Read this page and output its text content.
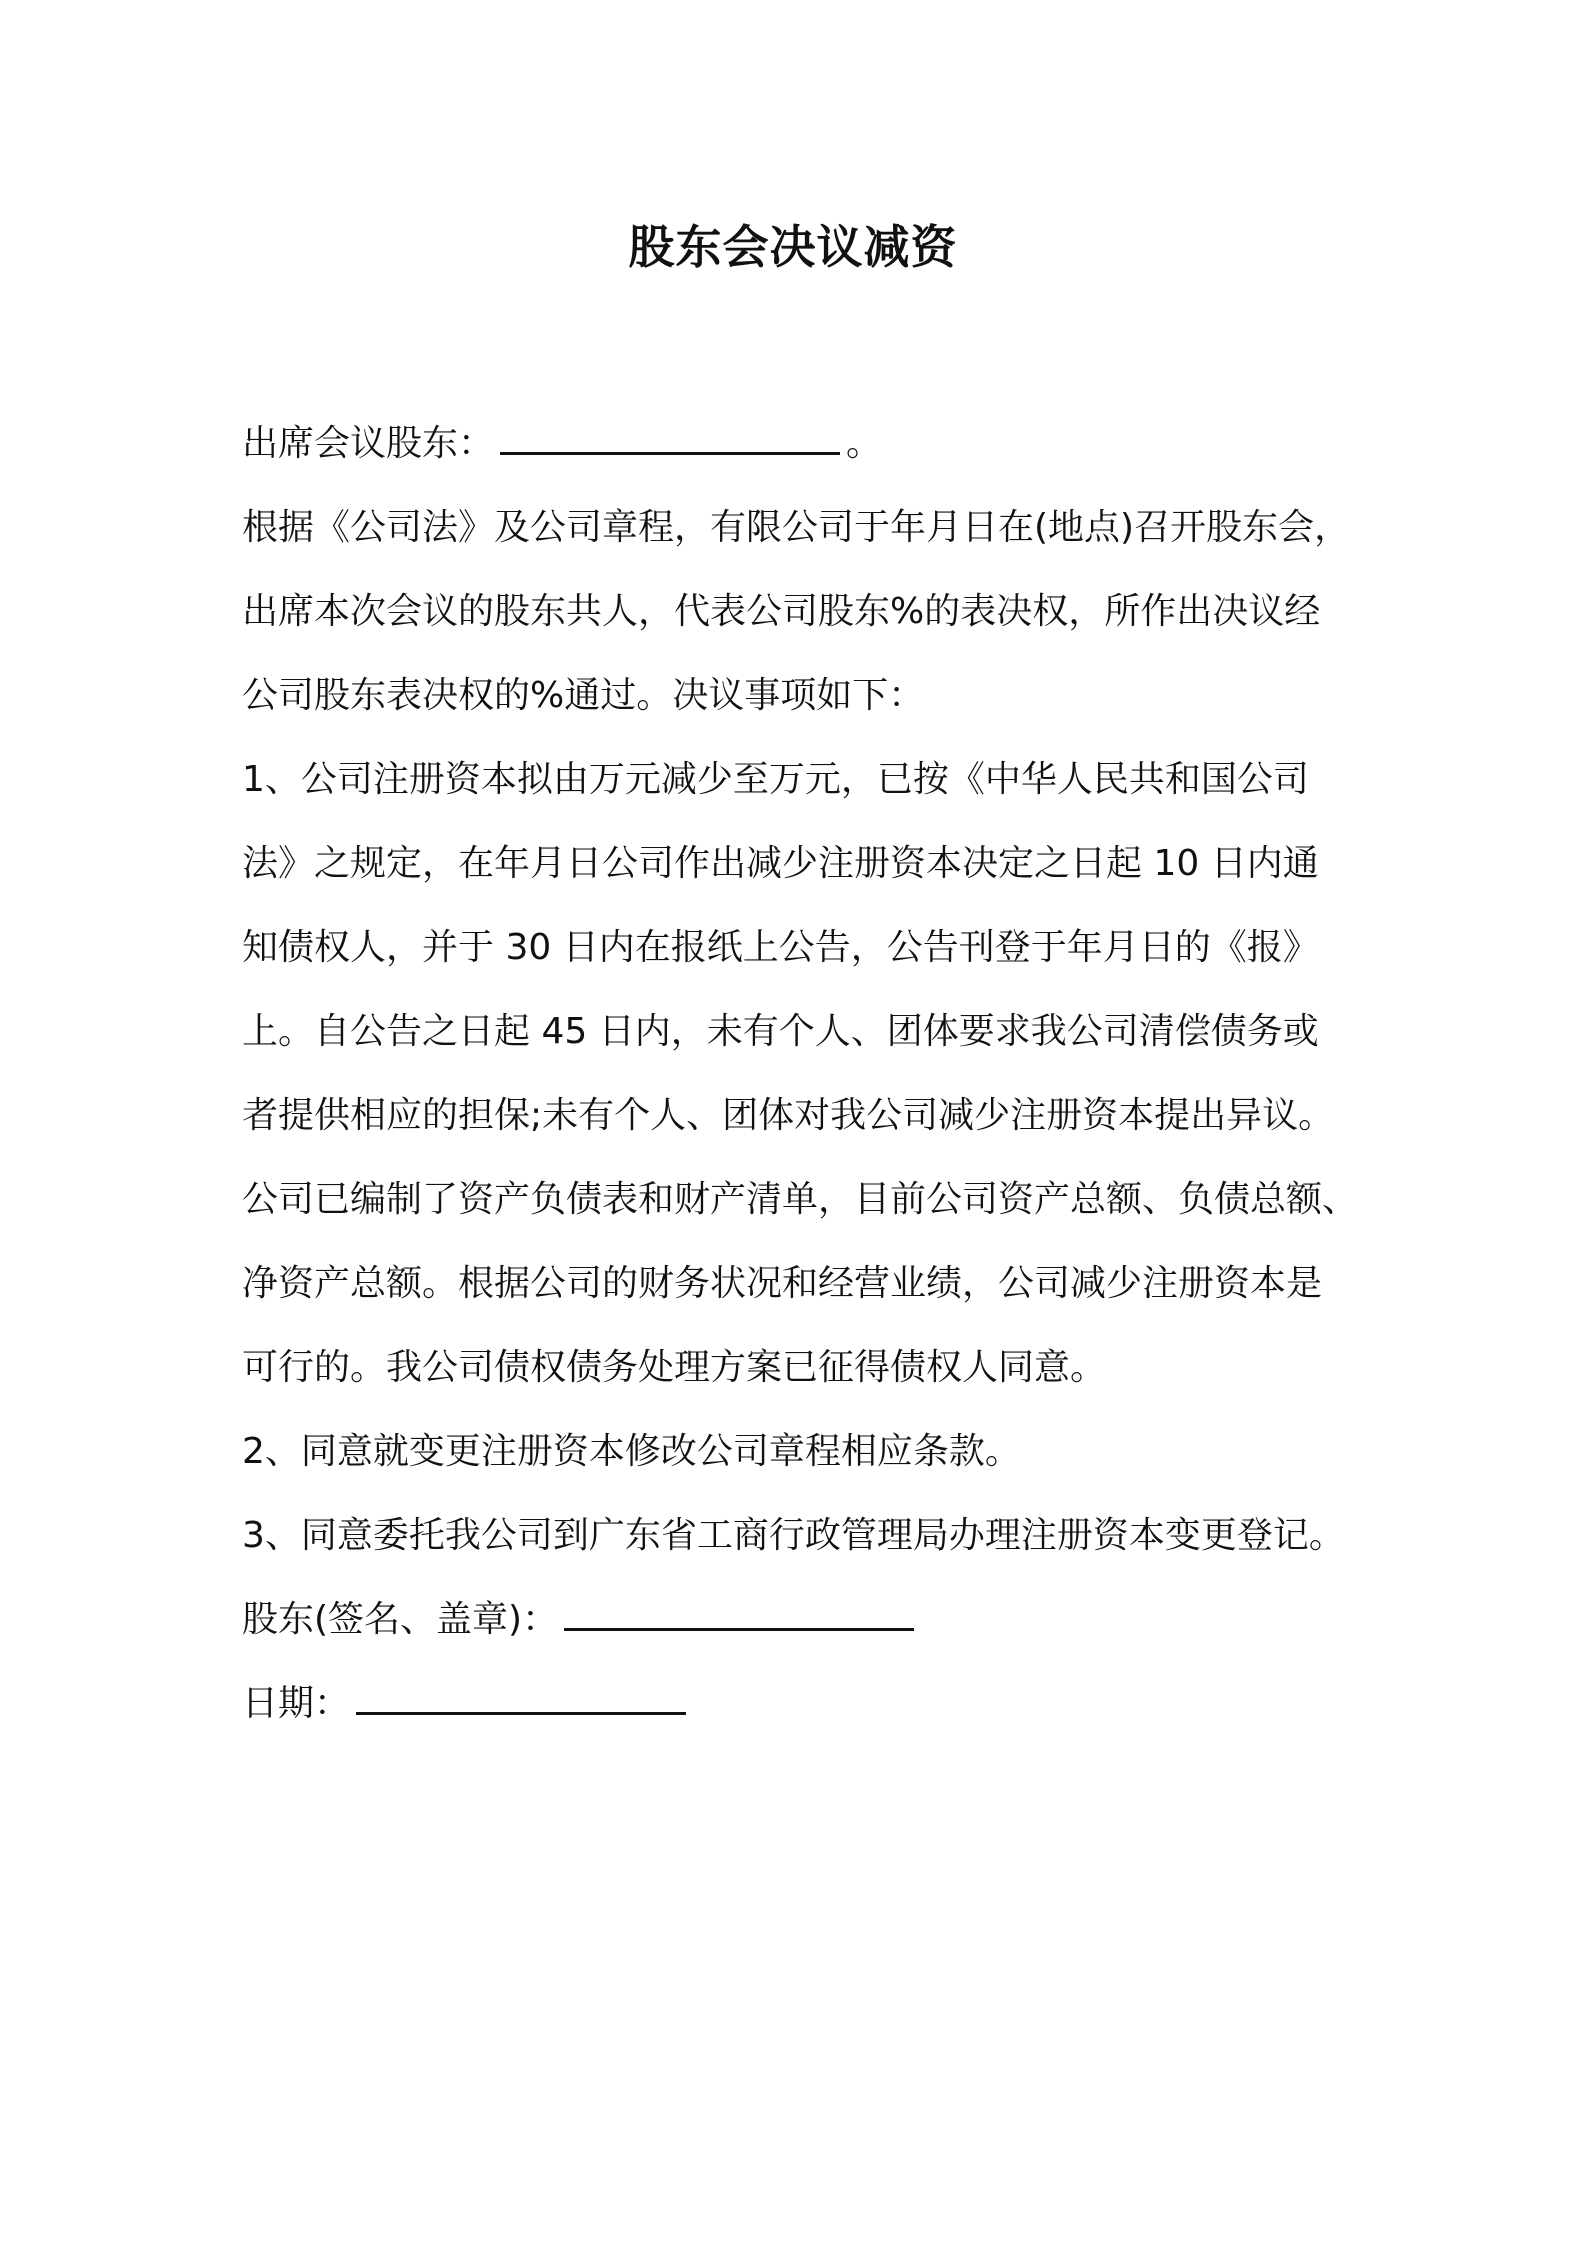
股东会决议减资
出席会议股东：	。
根据《公司法》及公司章程，有限公司于年月日在(地点)召开股东会，
出席本次会议的股东共人，代表公司股东%的表决权，所作出决议经
公司股东表决权的%通过。决议事项如下：
1、公司注册资本拟由万元减少至万元，已按《中华人民共和国公司
法》之规定，在年月日公司作出减少注册资本决定之日起 10 日内通
知债权人，并于 30 日内在报纸上公告，公告刊登于年月日的《报》
上。自公告之日起 45 日内，未有个人、团体要求我公司清偿债务或
者提供相应的担保;未有个人、团体对我公司减少注册资本提出异议。
公司已编制了资产负债表和财产清单，目前公司资产总额、负债总额、
净资产总额。根据公司的财务状况和经营业绩，公司减少注册资本是
可行的。我公司债权债务处理方案已征得债权人同意。
2、同意就变更注册资本修改公司章程相应条款。
3、同意委托我公司到广东省工商行政管理局办理注册资本变更登记。
股东(签名、盖章)：
日期：
